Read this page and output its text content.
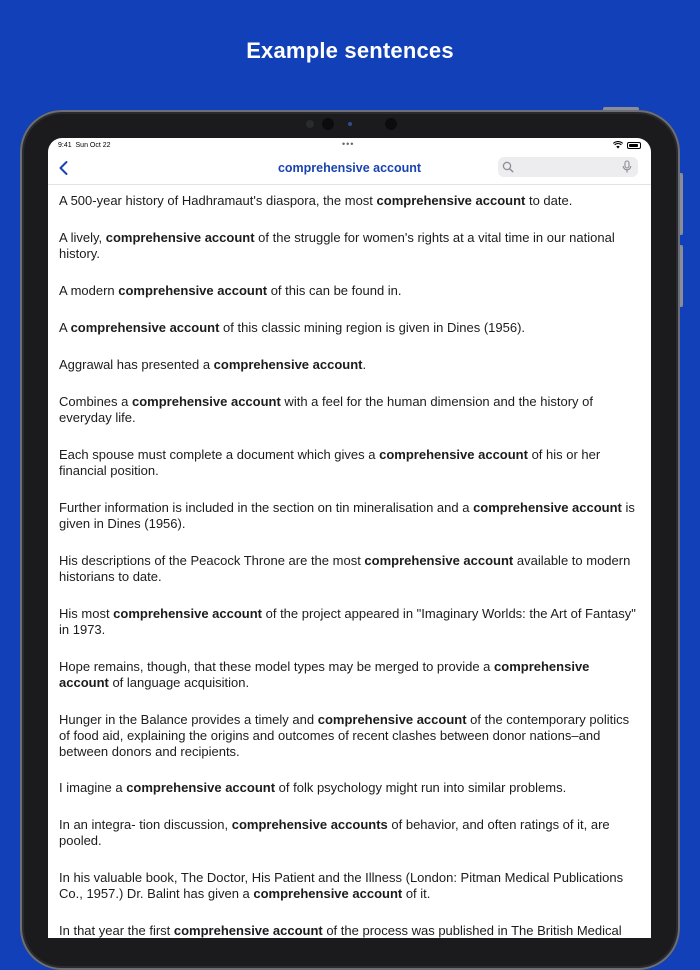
Example sentences
9:41 Sun Oct 22	•••
comprehensive account
A 500-year history of Hadhramaut's diaspora, the most comprehensive account to date.
A lively, comprehensive account of the struggle for women's rights at a vital time in our national history.
A modern comprehensive account of this can be found in.
A comprehensive account of this classic mining region is given in Dines (1956).
Aggrawal has presented a comprehensive account.
Combines a comprehensive account with a feel for the human dimension and the history of everyday life.
Each spouse must complete a document which gives a comprehensive account of his or her financial position.
Further information is included in the section on tin mineralisation and a comprehensive account is given in Dines (1956).
His descriptions of the Peacock Throne are the most comprehensive account available to modern historians to date.
His most comprehensive account of the project appeared in "Imaginary Worlds: the Art of Fantasy" in 1973.
Hope remains, though, that these model types may be merged to provide a comprehensive account of language acquisition.
Hunger in the Balance provides a timely and comprehensive account of the contemporary politics of food aid, explaining the origins and outcomes of recent clashes between donor nations–and between donors and recipients.
I imagine a comprehensive account of folk psychology might run into similar problems.
In an integra- tion discussion, comprehensive accounts of behavior, and often ratings of it, are pooled.
In his valuable book, The Doctor, His Patient and the Illness (London: Pitman Medical Publications Co., 1957.) Dr. Balint has given a comprehensive account of it.
In that year the first comprehensive account of the process was published in The British Medical
